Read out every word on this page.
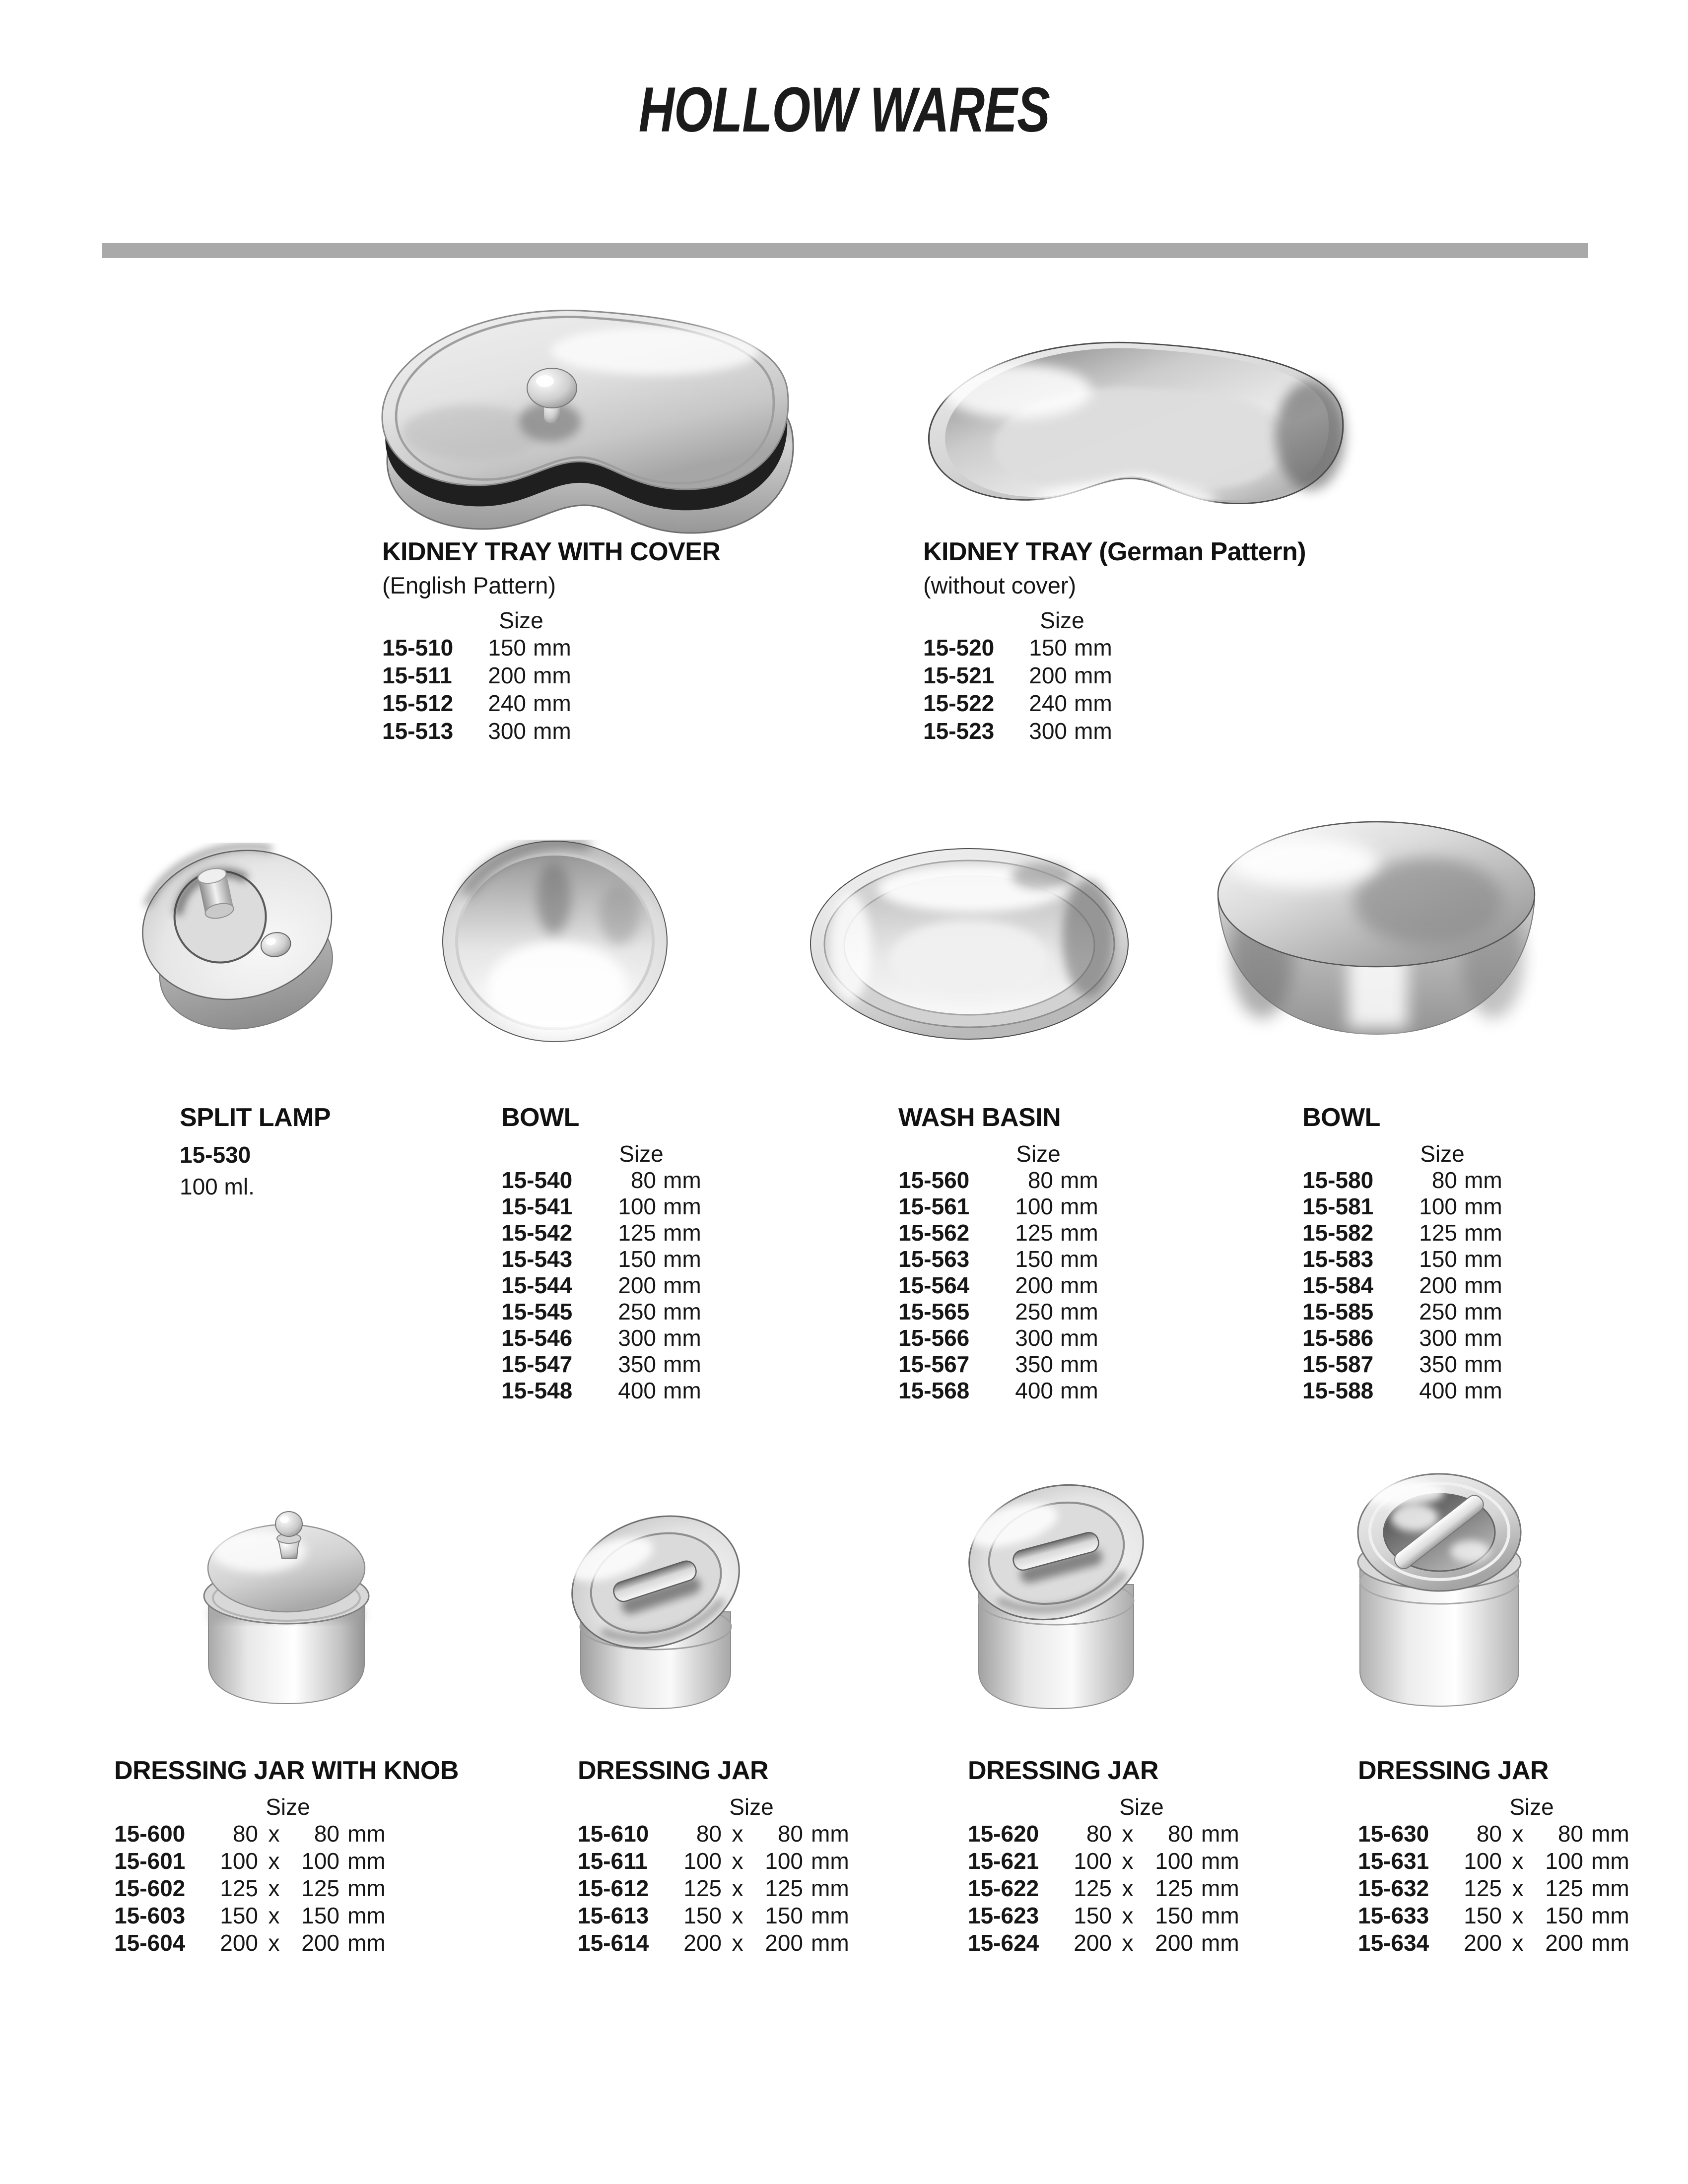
HOLLOW WARES
KIDNEY TRAY WITH COVER
(English Pattern)
Size
15-510	150 mm
15-511	200 mm
15-512	240 mm
15-513	300 mm
KIDNEY TRAY (German Pattern)
(without cover)
Size
15-520	150 mm
15-521	200 mm
15-522	240 mm
15-523	300 mm
SPLIT LAMP
15-530
100 ml.
BOWL
Size
15-540	80 mm
15-541	100 mm
15-542	125 mm
15-543	150 mm
15-544	200 mm
15-545	250 mm
15-546	300 mm
15-547	350 mm
15-548	400 mm
WASH BASIN
Size
15-560	80 mm
15-561	100 mm
15-562	125 mm
15-563	150 mm
15-564	200 mm
15-565	250 mm
15-566	300 mm
15-567	350 mm
15-568	400 mm
BOWL
Size
15-580	80 mm
15-581	100 mm
15-582	125 mm
15-583	150 mm
15-584	200 mm
15-585	250 mm
15-586	300 mm
15-587	350 mm
15-588	400 mm
DRESSING JAR WITH KNOB
Size
15-600	80 x	80 mm
15-601	100 x 100 mm
15-602	125 x 125 mm
15-603	150 x 150 mm
15-604	200 x 200 mm
DRESSING JAR
Size
15-610	80 x	80 mm
15-611	100 x 100 mm
15-612	125 x 125 mm
15-613	150 x 150 mm
15-614	200 x 200 mm
DRESSING JAR
Size
15-620	80 x	80 mm
15-621	100 x 100 mm
15-622	125 x 125 mm
15-623	150 x 150 mm
15-624	200 x 200 mm
DRESSING JAR
Size
15-630	80 x	80 mm
15-631	100 x 100 mm
15-632	125 x 125 mm
15-633	150 x 150 mm
15-634	200 x 200 mm
